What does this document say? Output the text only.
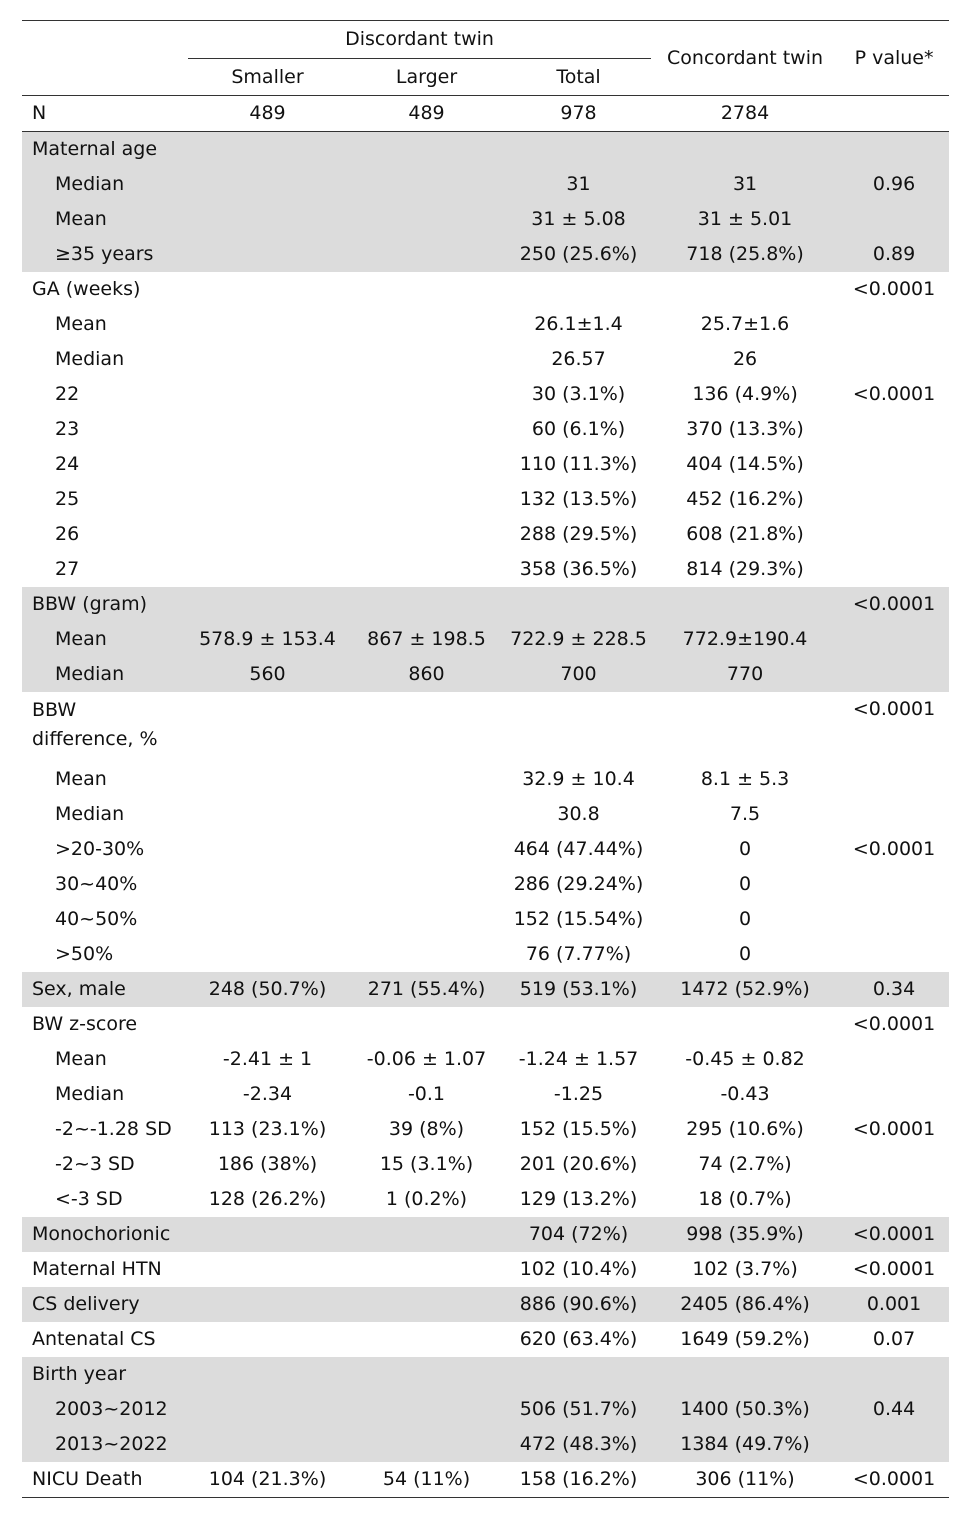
	Discordant twin			Concordant twin	P value*
	Smaller	Larger	Total		
N	489	489	978	2784	
Maternal age					
Median			31	31	0.96
Mean			31 ± 5.08	31 ± 5.01	
≥35 years			250 (25.6%)	718 (25.8%)	0.89
GA (weeks)					<0.0001
Mean			26.1±1.4	25.7±1.6	
Median			26.57	26	
22			30 (3.1%)	136 (4.9%)	<0.0001
23			60 (6.1%)	370 (13.3%)	
24			110 (11.3%)	404 (14.5%)	
25			132 (13.5%)	452 (16.2%)	
26			288 (29.5%)	608 (21.8%)	
27			358 (36.5%)	814 (29.3%)	
BBW (gram)					<0.0001
Mean	578.9 ± 153.4	867 ± 198.5	722.9 ± 228.5	772.9±190.4	
Median	560	860	700	770	

BBW
difference, %					<0.0001
Mean			32.9 ± 10.4	8.1 ± 5.3	
Median			30.8	7.5	
>20-30%			464 (47.44%)	0	<0.0001
30~40%			286 (29.24%)	0	
40~50%			152 (15.54%)	0	
>50%			76 (7.77%)	0	
Sex, male	248 (50.7%)	271 (55.4%)	519 (53.1%)	1472 (52.9%)	0.34
BW z-score					<0.0001
Mean	-2.41 ± 1	-0.06 ± 1.07	-1.24 ± 1.57	-0.45 ± 0.82	
Median	-2.34	-0.1	-1.25	-0.43	
-2~-1.28 SD	113 (23.1%)	39 (8%)	152 (15.5%)	295 (10.6%)	<0.0001
-2~3 SD	186 (38%)	15 (3.1%)	201 (20.6%)	74 (2.7%)	
<-3 SD	128 (26.2%)	1 (0.2%)	129 (13.2%)	18 (0.7%)	
Monochorionic			704 (72%)	998 (35.9%)	<0.0001
Maternal HTN			102 (10.4%)	102 (3.7%)	<0.0001
CS delivery			886 (90.6%)	2405 (86.4%)	0.001
Antenatal CS			620 (63.4%)	1649 (59.2%)	0.07
Birth year					
2003~2012			506 (51.7%)	1400 (50.3%)	0.44
2013~2022			472 (48.3%)	1384 (49.7%)	
NICU Death	104 (21.3%)	54 (11%)	158 (16.2%)	306 (11%)	<0.0001
